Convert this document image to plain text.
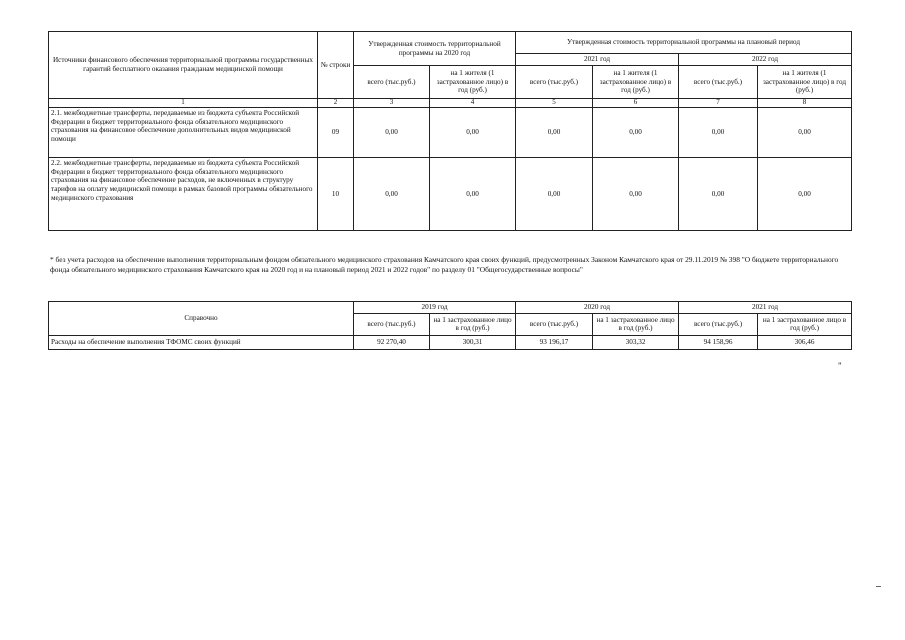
Источники финансового обеспечения территориальной программы государственных гарантий бесплатного оказания гражданам медицинской помощи	№ строки	Утвержденная стоимость территориальной программы на 2020 год		Утвержденная стоимость территориальной программы на плановый период			
				2021 год		2022 год	
		всего (тыс.руб.)	на 1 жителя (1 застрахованное лицо) в год (руб.)	всего (тыс.руб.)	на 1 жителя (1 застрахованное лицо) в год (руб.)	всего (тыс.руб.)	на 1 жителя (1 застрахованное лицо) в год (руб.)
1	2	3	4	5	6	7	8
2.1. межбюджетные трансферты, передаваемые из бюджета субъекта Российской Федерации в бюджет территориального фонда обязательного медицинского страхования на финансовое обеспечение дополнительных видов медицинской помощи	09	0,00	0,00	0,00	0,00	0,00	0,00
2.2. межбюджетные трансферты, передаваемые из бюджета субъекта Российской Федерации в бюджет территориального фонда обязательного медицинского страхования на финансовое обеспечение расходов, не включенных в структуру тарифов на оплату медицинской помощи в рамках базовой программы обязательного медицинского страхования	10	0,00	0,00	0,00	0,00	0,00	0,00
* без учета расходов на обеспечение выполнения территориальным фондом обязательного медицинского страхования Камчатского края своих функций, предусмотренных Законом Камчатского края от 29.11.2019 № 398 "О бюджете территориального фонда обязательного медицинского страхования Камчатского края на 2020 год и на плановый период 2021 и 2022 годов" по разделу 01 "Общегосударственные вопросы"
Справочно	2019 год		2020 год		2021 год	
	всего (тыс.руб.)	на 1 застрахованное лицо в год (руб.)	всего (тыс.руб.)	на 1 застрахованное лицо в год (руб.)	всего (тыс.руб.)	на 1 застрахованное лицо в год (руб.)
Расходы на обеспечение выполнения ТФОМС своих функций	92 270,40	300,31	93 196,17	303,32	94 158,96	306,46
"
